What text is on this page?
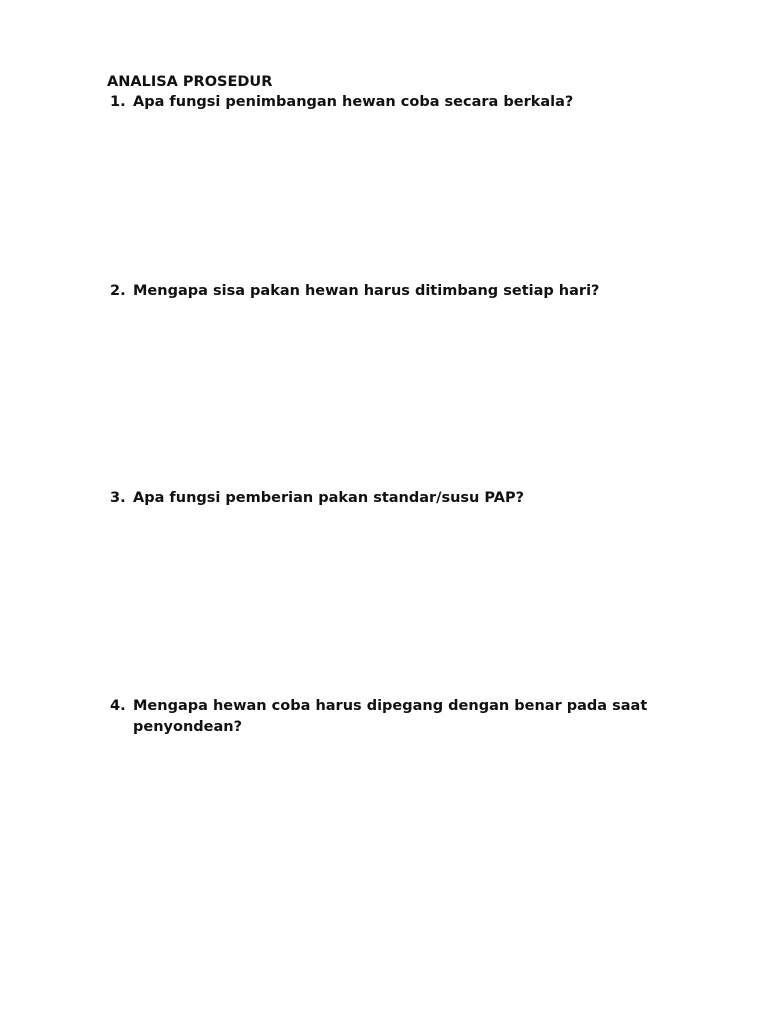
ANALISA PROSEDUR
1. Apa fungsi penimbangan hewan coba secara berkala?
2. Mengapa sisa pakan hewan harus ditimbang setiap hari?
3. Apa fungsi pemberian pakan standar/susu PAP?
4. Mengapa hewan coba harus dipegang dengan benar pada saat penyondean?
